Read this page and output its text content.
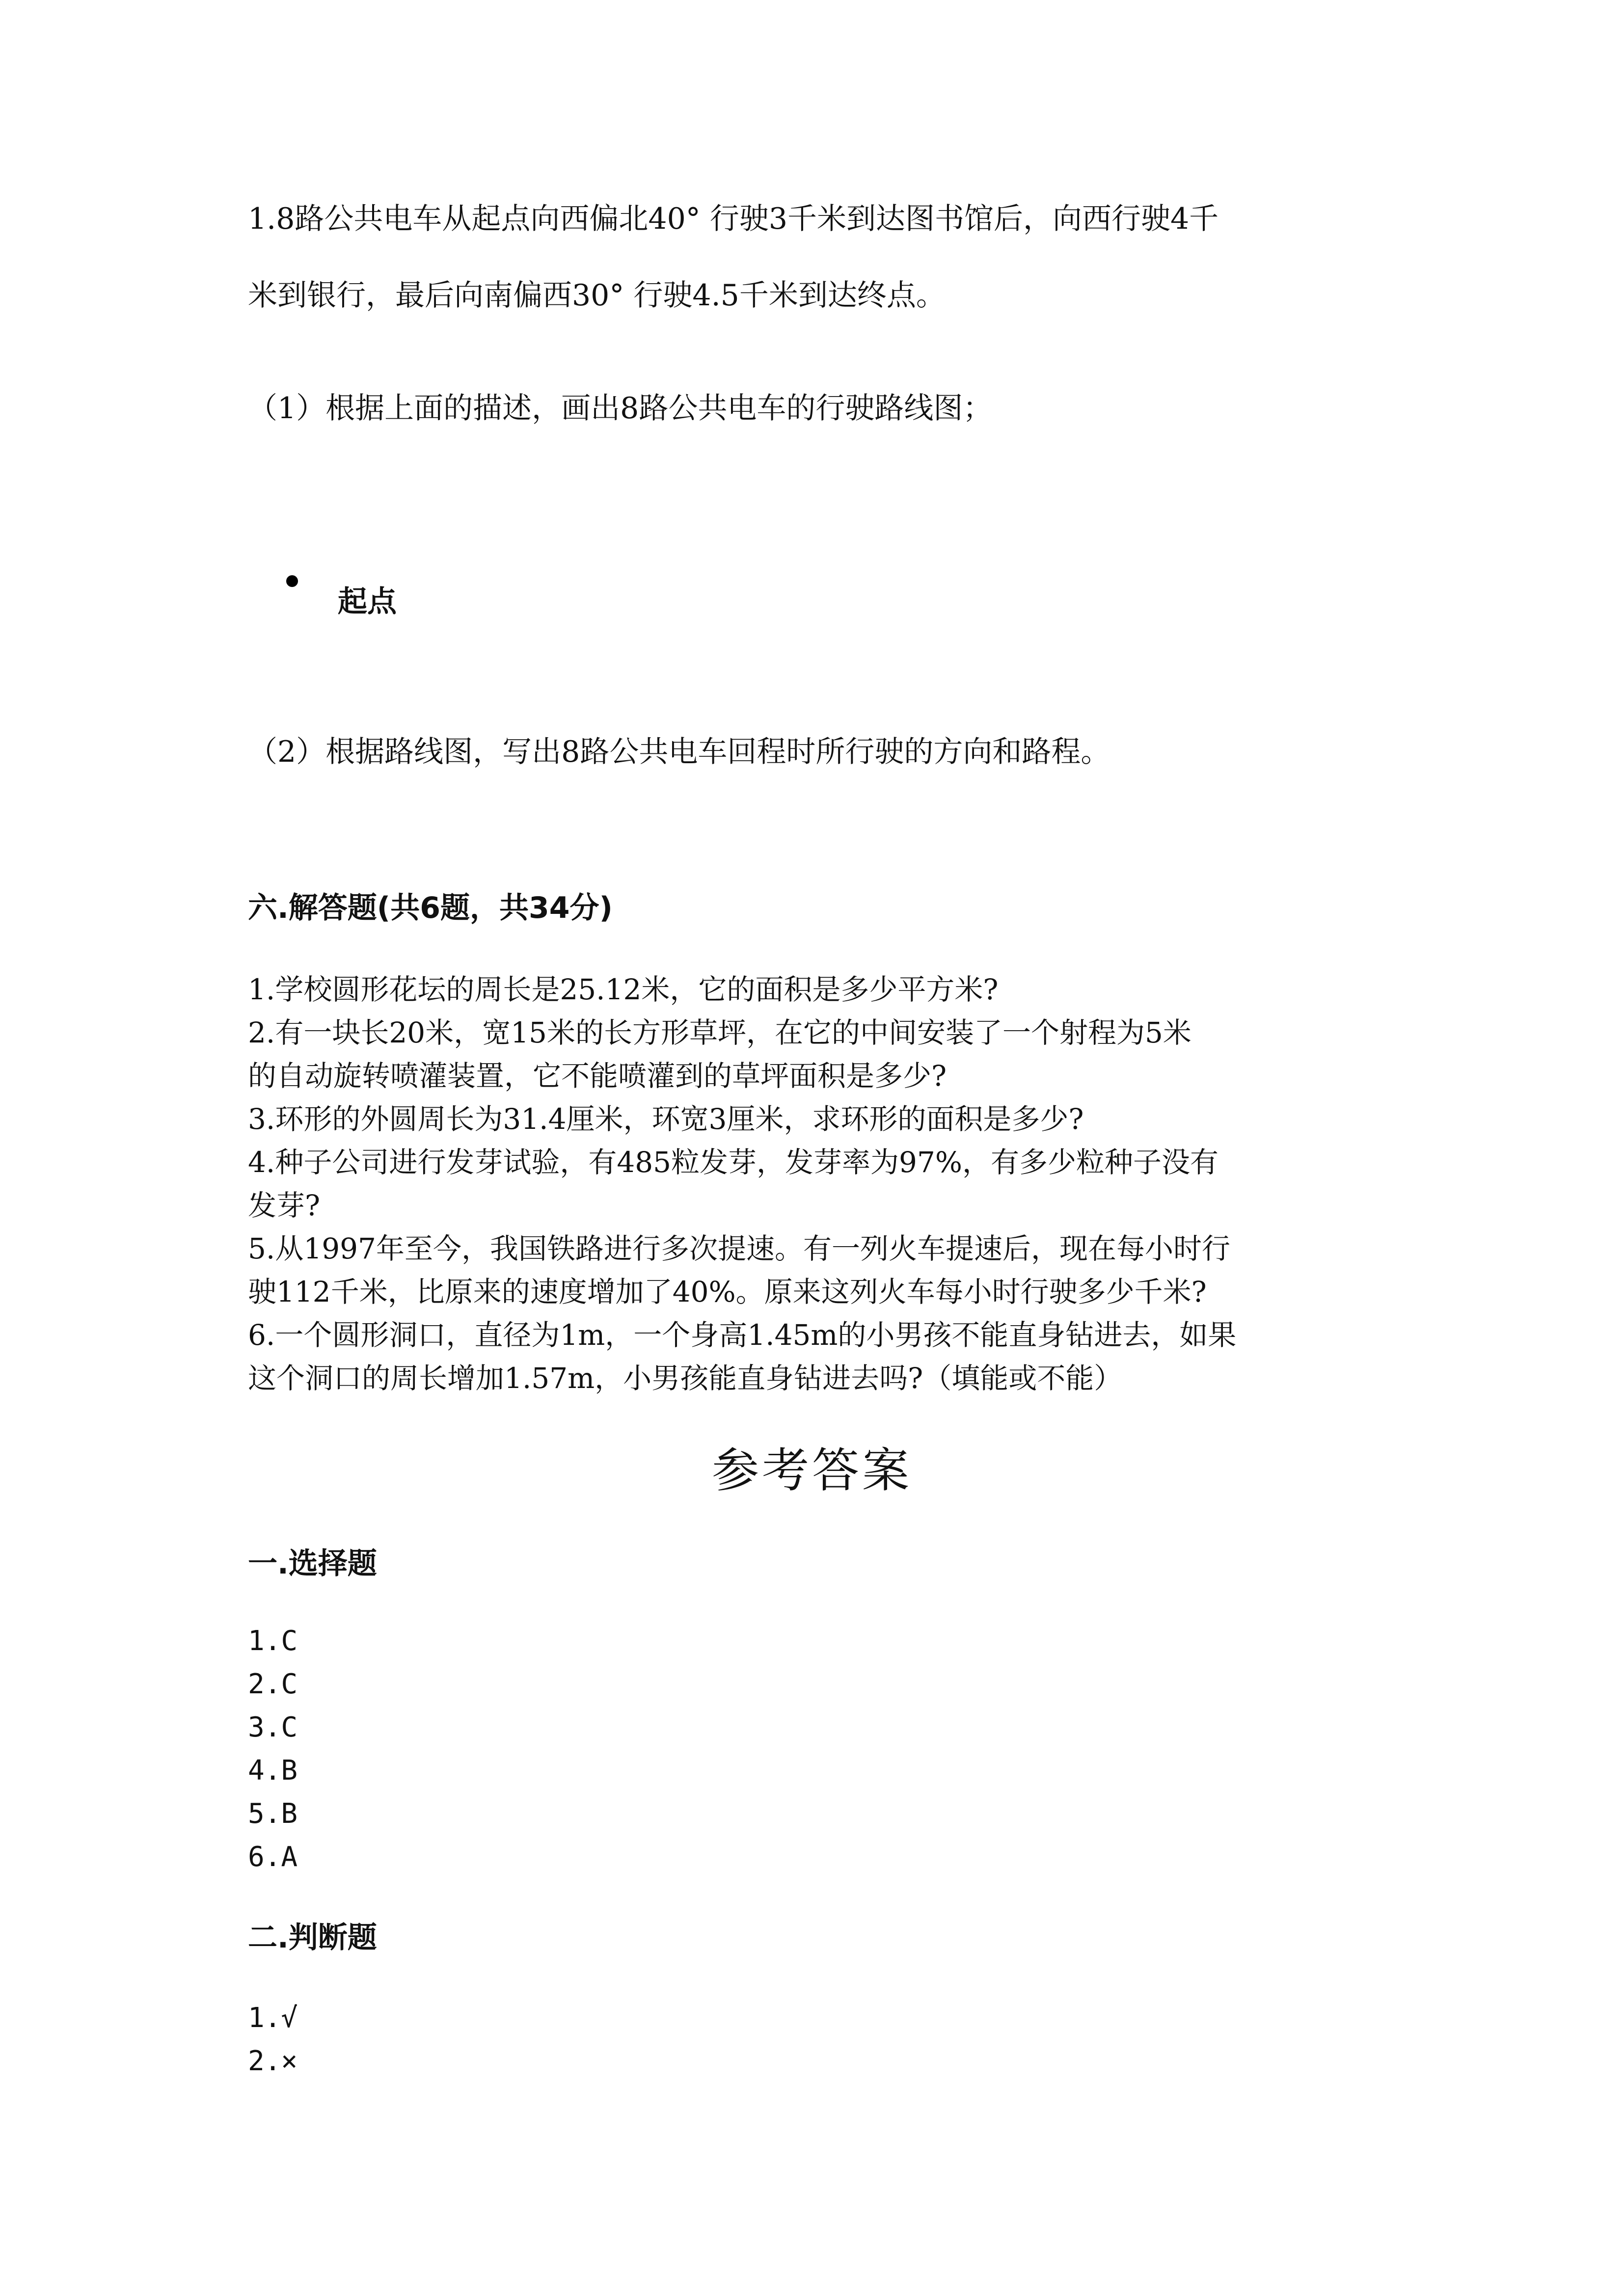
1.8路公共电车从起点向西偏北40° 行驶3千米到达图书馆后，向西行驶4千
米到银行，最后向南偏西30° 行驶4.5千米到达终点。
（1）根据上面的描述，画出8路公共电车的行驶路线图；
起点
（2）根据路线图，写出8路公共电车回程时所行驶的方向和路程。
六.解答题(共6题，共34分)
1.学校圆形花坛的周长是25.12米，它的面积是多少平方米?
2.有一块长20米，宽15米的长方形草坪，在它的中间安装了一个射程为5米
的自动旋转喷灌装置，它不能喷灌到的草坪面积是多少?
3.环形的外圆周长为31.4厘米，环宽3厘米，求环形的面积是多少?
4.种子公司进行发芽试验，有485粒发芽，发芽率为97%，有多少粒种子没有
发芽?
5.从1997年至今，我国铁路进行多次提速。有一列火车提速后，现在每小时行
驶112千米，比原来的速度增加了40%。原来这列火车每小时行驶多少千米?
6.一个圆形洞口，直径为1m，一个身高1.45m的小男孩不能直身钻进去，如果
这个洞口的周长增加1.57m，小男孩能直身钻进去吗?（填能或不能）
参考答案
一.选择题
1.C
2.C
3.C
4.B
5.B
6.A
二.判断题
1.√
2.×
